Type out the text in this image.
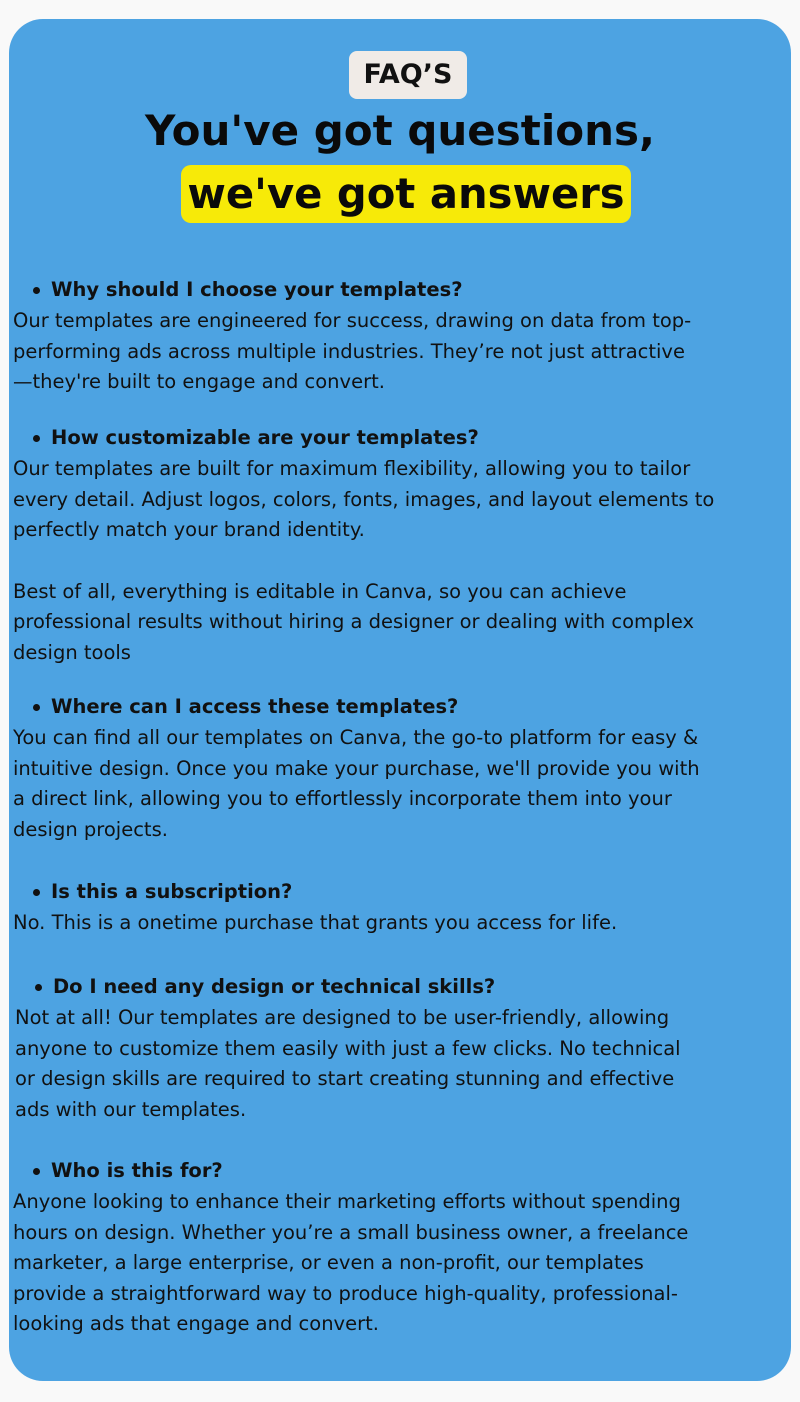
FAQ’S
You've got questions,
we've got answers
Why should I choose your templates?
Our templates are engineered for success, drawing on data from top-
performing ads across multiple industries. They’re not just attractive
—they're built to engage and convert.
How customizable are your templates?
Our templates are built for maximum flexibility, allowing you to tailor
every detail. Adjust logos, colors, fonts, images, and layout elements to
perfectly match your brand identity.
Best of all, everything is editable in Canva, so you can achieve
professional results without hiring a designer or dealing with complex
design tools
Where can I access these templates?
You can find all our templates on Canva, the go-to platform for easy &
intuitive design. Once you make your purchase, we'll provide you with
a direct link, allowing you to effortlessly incorporate them into your
design projects.
Is this a subscription?
No. This is a onetime purchase that grants you access for life.
Do I need any design or technical skills?
Not at all! Our templates are designed to be user-friendly, allowing
anyone to customize them easily with just a few clicks. No technical
or design skills are required to start creating stunning and effective
ads with our templates.
Who is this for?
Anyone looking to enhance their marketing efforts without spending
hours on design. Whether you’re a small business owner, a freelance
marketer, a large enterprise, or even a non-profit, our templates
provide a straightforward way to produce high-quality, professional-
looking ads that engage and convert.
